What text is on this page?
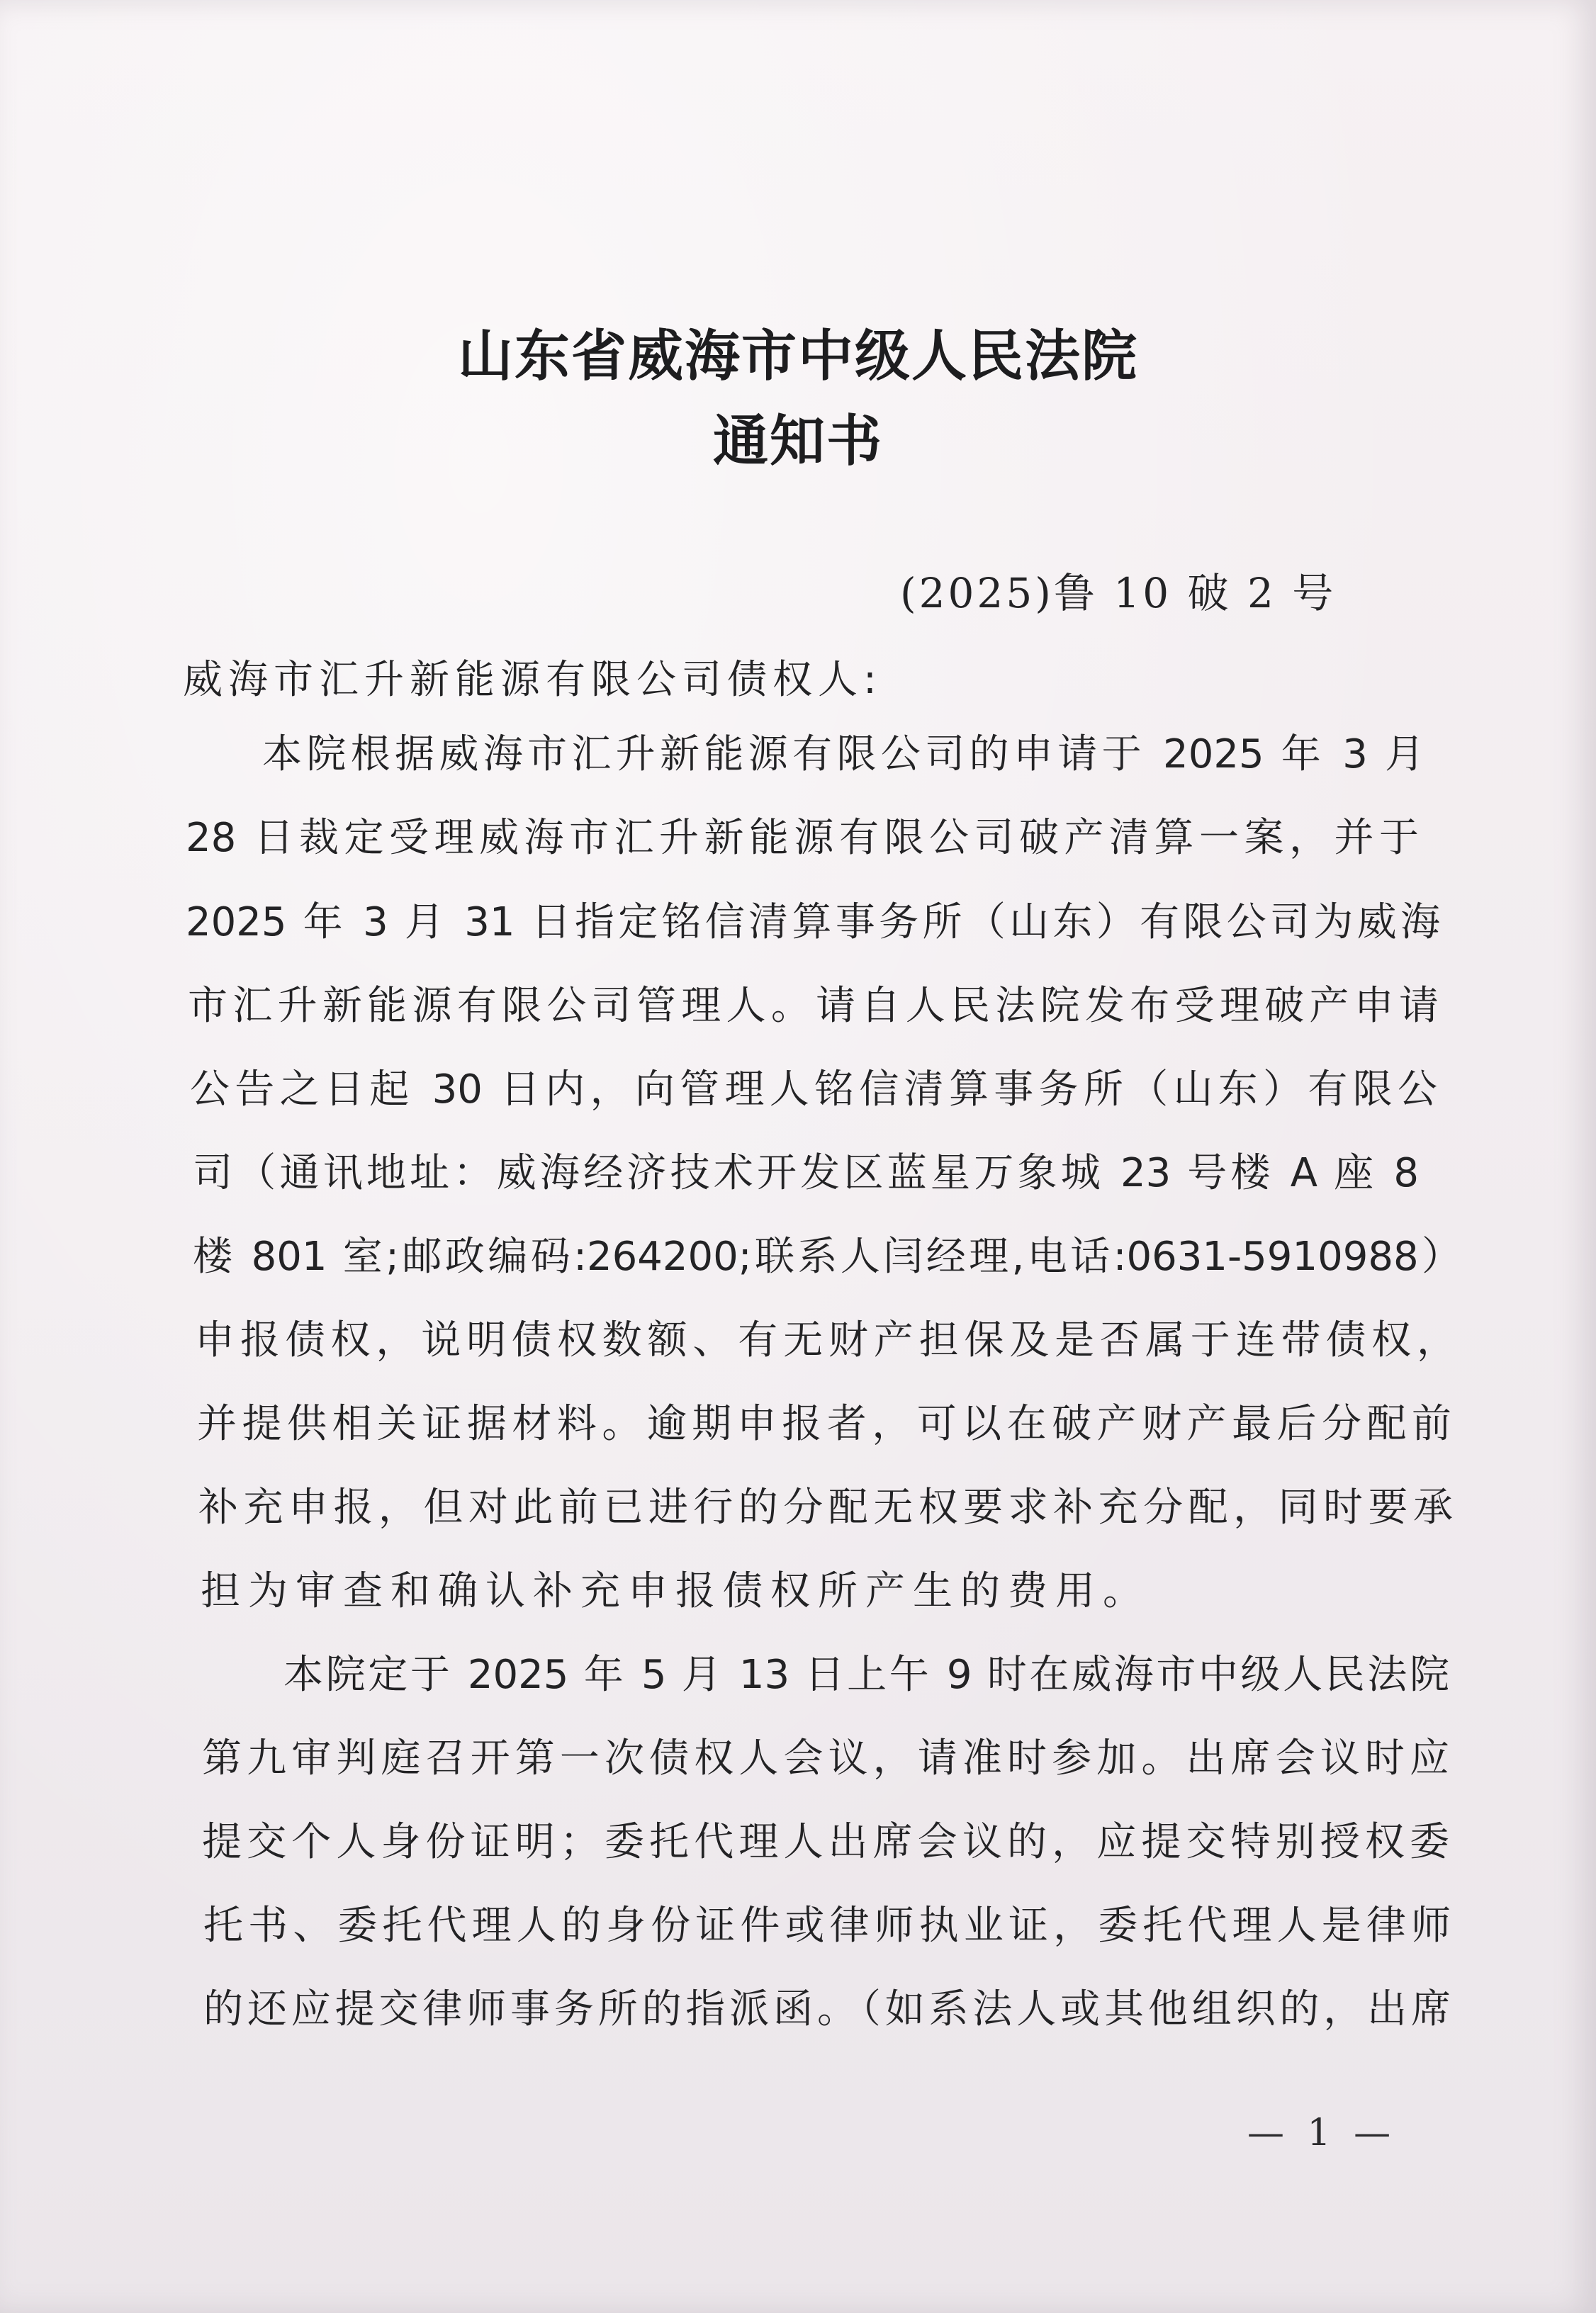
山东省威海市中级人民法院
通知书
(2025)鲁 10 破 2 号
威海市汇升新能源有限公司债权人:
本院根据威海市汇升新能源有限公司的申请于 2025 年 3 月
28 日裁定受理威海市汇升新能源有限公司破产清算一案，并于
2025 年 3 月 31 日指定铭信清算事务所（山东）有限公司为威海
市汇升新能源有限公司管理人。请自人民法院发布受理破产申请
公告之日起 30 日内，向管理人铭信清算事务所（山东）有限公
司（通讯地址：威海经济技术开发区蓝星万象城 23 号楼 A 座 8
楼 801 室;邮政编码:264200;联系人闫经理,电话:0631-5910988）
申报债权，说明债权数额、有无财产担保及是否属于连带债权，
并提供相关证据材料。逾期申报者，可以在破产财产最后分配前
补充申报，但对此前已进行的分配无权要求补充分配，同时要承
担为审查和确认补充申报债权所产生的费用。
本院定于 2025 年 5 月 13 日上午 9 时在威海市中级人民法院
第九审判庭召开第一次债权人会议，请准时参加。出席会议时应
提交个人身份证明；委托代理人出席会议的，应提交特别授权委
托书、委托代理人的身份证件或律师执业证，委托代理人是律师
的还应提交律师事务所的指派函。（如系法人或其他组织的，出席
— 1 —
